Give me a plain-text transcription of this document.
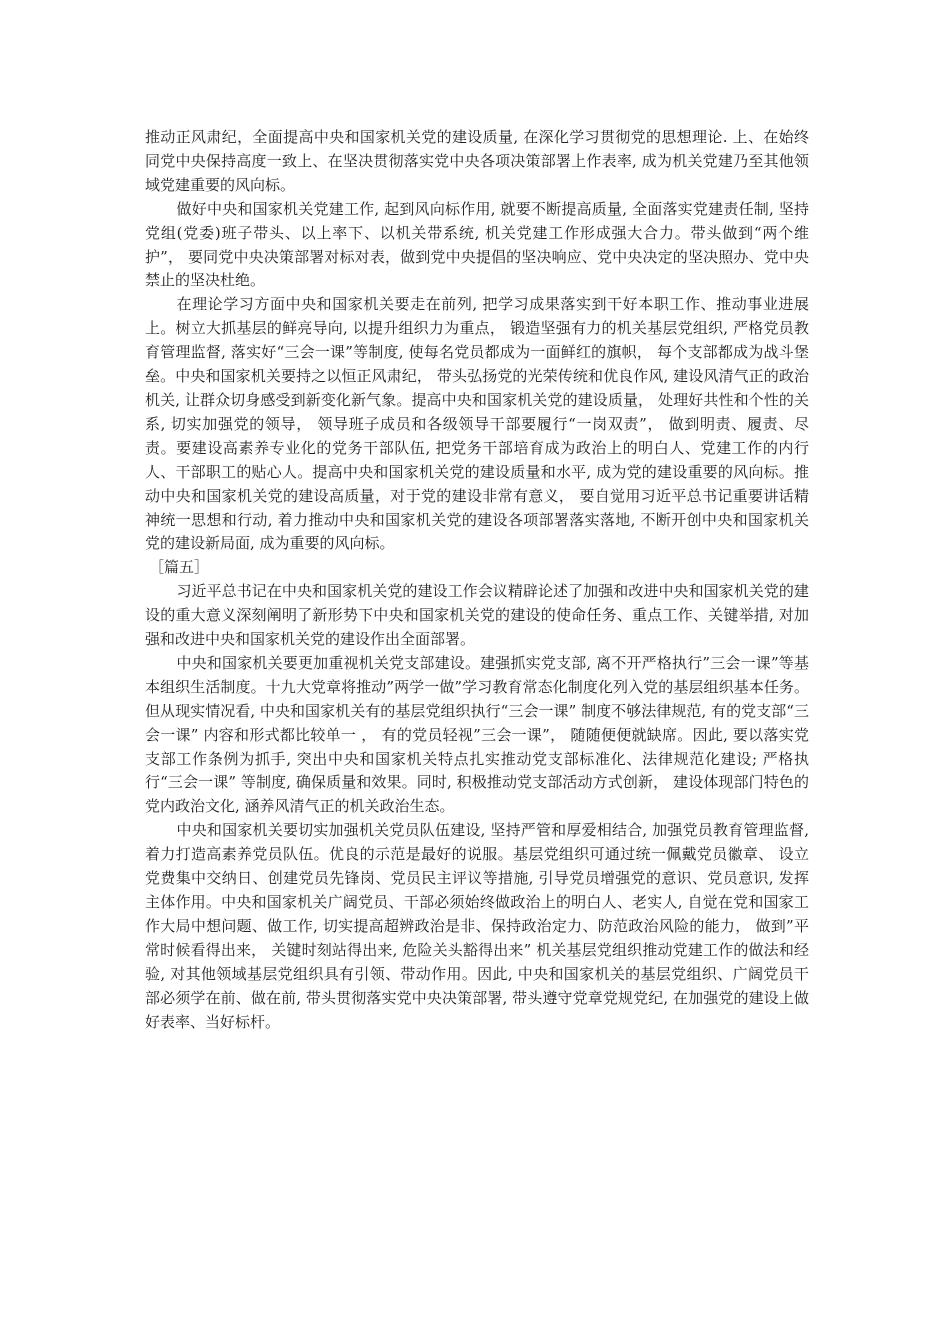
推动正风肃纪，全面提高中央和国家机关党的建设质量, 在深化学习贯彻党的思想理论. 上、在始终同党中央保持高度一致上、在坚决贯彻落实党中央各项决策部署上作表率, 成为机关党建乃至其他领域党建重要的风向标。

做好中央和国家机关党建工作, 起到风向标作用, 就要不断提高质量, 全面落实党建责任制, 坚持党组(党委)班子带头、以上率下、以机关带系统, 机关党建工作形成强大合力。带头做到“两个维护”， 要同党中央决策部署对标对表，做到党中央提倡的坚决响应、党中央决定的坚决照办、党中央禁止的坚决杜绝。

在理论学习方面中央和国家机关要走在前列, 把学习成果落实到干好本职工作、推动事业进展上。树立大抓基层的鲜亮导向, 以提升组织力为重点， 锻造坚强有力的机关基层党组织, 严格党员教育管理监督, 落实好“三会一课”等制度, 使每名党员都成为一面鲜红的旗帜， 每个支部都成为战斗堡垒。中央和国家机关要持之以恒正风肃纪， 带头弘扬党的光荣传统和优良作风, 建设风清气正的政治机关, 让群众切身感受到新变化新气象。提高中央和国家机关党的建设质量， 处理好共性和个性的关系, 切实加强党的领导， 领导班子成员和各级领导干部要履行“一岗双责”， 做到明责、履责、尽责。要建设高素养专业化的党务干部队伍, 把党务干部培育成为政治上的明白人、党建工作的内行人、干部职工的贴心人。提高中央和国家机关党的建设质量和水平, 成为党的建设重要的风向标。推动中央和国家机关党的建设高质量，对于党的建设非常有意义， 要自觉用习近平总书记重要讲话精神统一思想和行动, 着力推动中央和国家机关党的建设各项部署落实落地, 不断开创中央和国家机关党的建设新局面, 成为重要的风向标。

［篇五］

习近平总书记在中央和国家机关党的建设工作会议精辟论述了加强和改进中央和国家机关党的建设的重大意义深刻阐明了新形势下中央和国家机关党的建设的使命任务、重点工作、关键举措, 对加强和改进中央和国家机关党的建设作出全面部署。

中央和国家机关要更加重视机关党支部建设。建强抓实党支部, 离不开严格执行”三会一课”等基本组织生活制度。十九大党章将推动”两学一做”学习教育常态化制度化列入党的基层组织基本任务。但从现实情况看, 中央和国家机关有的基层党组织执行“三会一课” 制度不够法律规范, 有的党支部“三会一课” 内容和形式都比较单一 ， 有的党员轻视”三会一课”， 随随便便就缺席。因此, 要以落实党支部工作条例为抓手, 突出中央和国家机关特点扎实推动党支部标准化、法律规范化建设; 严格执行“三会一课” 等制度, 确保质量和效果。同时, 积极推动党支部活动方式创新， 建设体现部门特色的党内政治文化, 涵养风清气正的机关政治生态。

中央和国家机关要切实加强机关党员队伍建设, 坚持严管和厚爱相结合, 加强党员教育管理监督, 着力打造高素养党员队伍。优良的示范是最好的说服。基层党组织可通过统一佩戴党员徽章、 设立党费集中交纳日、创建党员先锋岗、党员民主评议等措施, 引导党员增强党的意识、党员意识, 发挥主体作用。中央和国家机关广阔党员、干部必须始终做政治上的明白人、老实人, 自觉在党和国家工作大局中想问题、做工作, 切实提高超辨政治是非、保持政治定力、防范政治风险的能力， 做到”平常时候看得出来， 关键时刻站得出来, 危险关头豁得出来” 机关基层党组织推动党建工作的做法和经验, 对其他领域基层党组织具有引领、带动作用。因此, 中央和国家机关的基层党组织、广阔党员干部必须学在前、做在前, 带头贯彻落实党中央决策部署, 带头遵守党章党规党纪, 在加强党的建设上做好表率、当好标杆。
